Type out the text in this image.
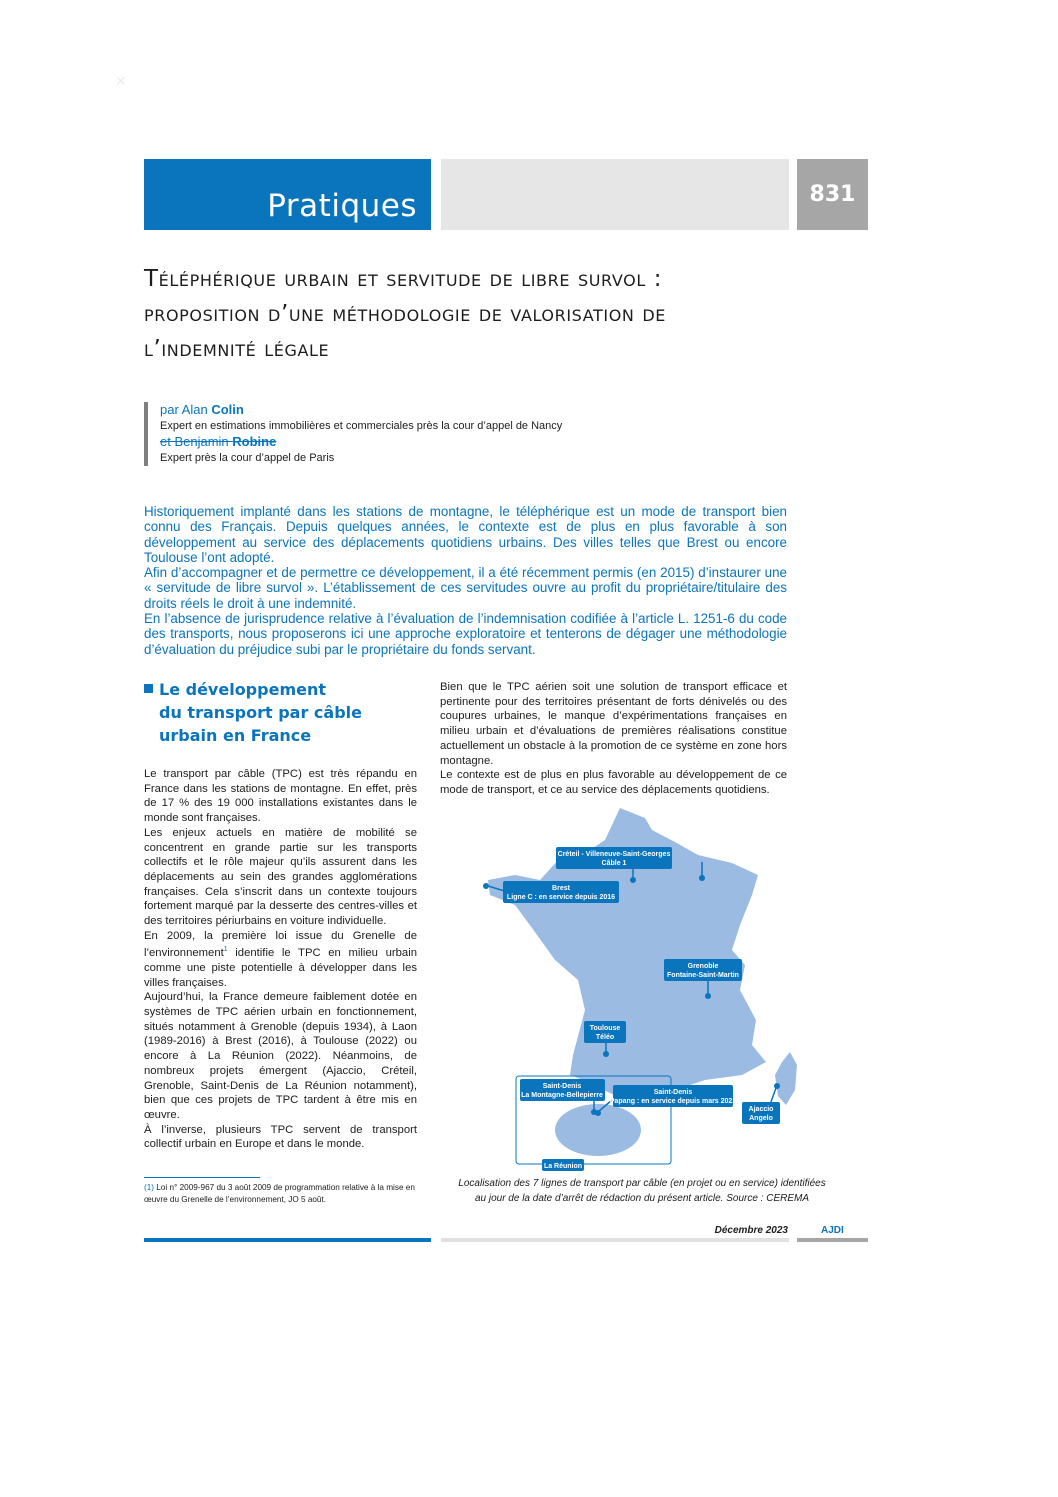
✕
Pratiques	831
Téléphérique urbain et servitude de libre survol : proposition d’une méthodologie de valorisation de l’indemnité légale
par Alan Colin
Expert en estimations immobilières et commerciales près la cour d’appel de Nancy
et Benjamin Robine
Expert près la cour d’appel de Paris

Historiquement implanté dans les stations de montagne, le téléphérique est un mode de transport bien connu des Français. Depuis quelques années, le contexte est de plus en plus favorable à son développement au service des déplacements quotidiens urbains. Des villes telles que Brest ou encore Toulouse l’ont adopté.

Afin d’accompagner et de permettre ce développement, il a été récemment permis (en 2015) d’instaurer une « servitude de libre survol ». L’établissement de ces servitudes ouvre au profit du propriétaire/titulaire des droits réels le droit à une indemnité.

En l’absence de jurisprudence relative à l’évaluation de l’indemnisation codifiée à l’article L. 1251-6 du code des transports, nous proposerons ici une approche exploratoire et tenterons de dégager une méthodologie d’évaluation du préjudice subi par le propriétaire du fonds servant.

Le développement
du transport par câble
urbain en France

Le transport par câble (TPC) est très répandu en France dans les stations de montagne. En effet, près de 17 % des 19 000 installations existantes dans le monde sont françaises.

Les enjeux actuels en matière de mobilité se concentrent en grande partie sur les transports collectifs et le rôle majeur qu’ils assurent dans les déplacements au sein des grandes agglomérations françaises. Cela s’inscrit dans un contexte toujours fortement marqué par la desserte des centres-villes et des territoires périurbains en voiture individuelle.

En 2009, la première loi issue du Grenelle de l’environnement$^1$ identifie le TPC en milieu urbain comme une piste potentielle à développer dans les villes françaises.

Aujourd’hui, la France demeure faiblement dotée en systèmes de TPC aérien urbain en fonctionnement, situés notamment à Grenoble (depuis 1934), à Laon (1989-2016) à Brest (2016), à Toulouse (2022) ou encore à La Réunion (2022). Néanmoins, de nombreux projets émergent (Ajaccio, Créteil, Grenoble, Saint-Denis de La Réunion notamment), bien que ces projets de TPC tardent à être mis en œuvre.

À l’inverse, plusieurs TPC servent de transport collectif urbain en Europe et dans le monde.

Bien que le TPC aérien soit une solution de transport efficace et pertinente pour des territoires présentant de forts dénivelés ou des coupures urbaines, le manque d’expérimentations françaises en milieu urbain et d’évaluations de premières réalisations constitue actuellement un obstacle à la promotion de ce système en zone hors montagne.

Le contexte est de plus en plus favorable au développement de ce mode de transport, et ce au service des déplacements quotidiens.

Créteil - Villeneuve-Saint-Georges
Câble 1
Brest
Ligne C : en service depuis 2016
Grenoble
Fontaine-Saint-Martin
Toulouse
Téléo
Saint-Denis
La Montagne-Bellepierre	Saint-Denis
Papang : en service depuis mars 2022
Ajaccio
Angelo
La Réunion
Localisation des 7 lignes de transport par câble (en projet ou en service) identifiées
au jour de la date d’arrêt de rédaction du présent article. Source : CEREMA
(1) Loi n° 2009-967 du 3 août 2009 de programmation relative à la mise en œuvre du Grenelle de l’environnement, JO 5 août.
Décembre 2023	AJDI
